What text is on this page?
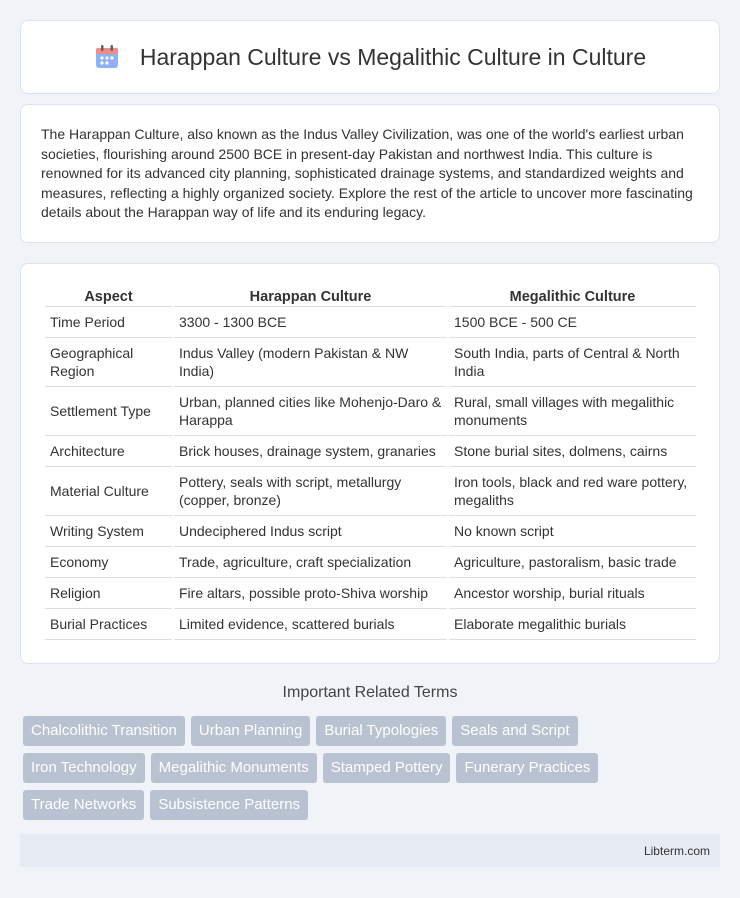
Harappan Culture vs Megalithic Culture in Culture

The Harappan Culture, also known as the Indus Valley Civilization, was one of the world's earliest urban societies, flourishing around 2500 BCE in present-day Pakistan and northwest India. This culture is renowned for its advanced city planning, sophisticated drainage systems, and standardized weights and measures, reflecting a highly organized society. Explore the rest of the article to uncover more fascinating details about the Harappan way of life and its enduring legacy.

Aspect	Harappan Culture	Megalithic Culture
Time Period	3300 - 1300 BCE	1500 BCE - 500 CE
Geographical Region	Indus Valley (modern Pakistan & NW India)	South India, parts of Central & North India
Settlement Type	Urban, planned cities like Mohenjo-Daro & Harappa	Rural, small villages with megalithic monuments
Architecture	Brick houses, drainage system, granaries	Stone burial sites, dolmens, cairns
Material Culture	Pottery, seals with script, metallurgy (copper, bronze)	Iron tools, black and red ware pottery, megaliths
Writing System	Undeciphered Indus script	No known script
Economy	Trade, agriculture, craft specialization	Agriculture, pastoralism, basic trade
Religion	Fire altars, possible proto-Shiva worship	Ancestor worship, burial rituals
Burial Practices	Limited evidence, scattered burials	Elaborate megalithic burials
Important Related Terms
Chalcolithic Transition	Urban Planning	Burial Typologies	Seals and Script
Iron Technology	Megalithic Monuments	Stamped Pottery	Funerary Practices
Trade Networks	Subsistence Patterns
Libterm.com
